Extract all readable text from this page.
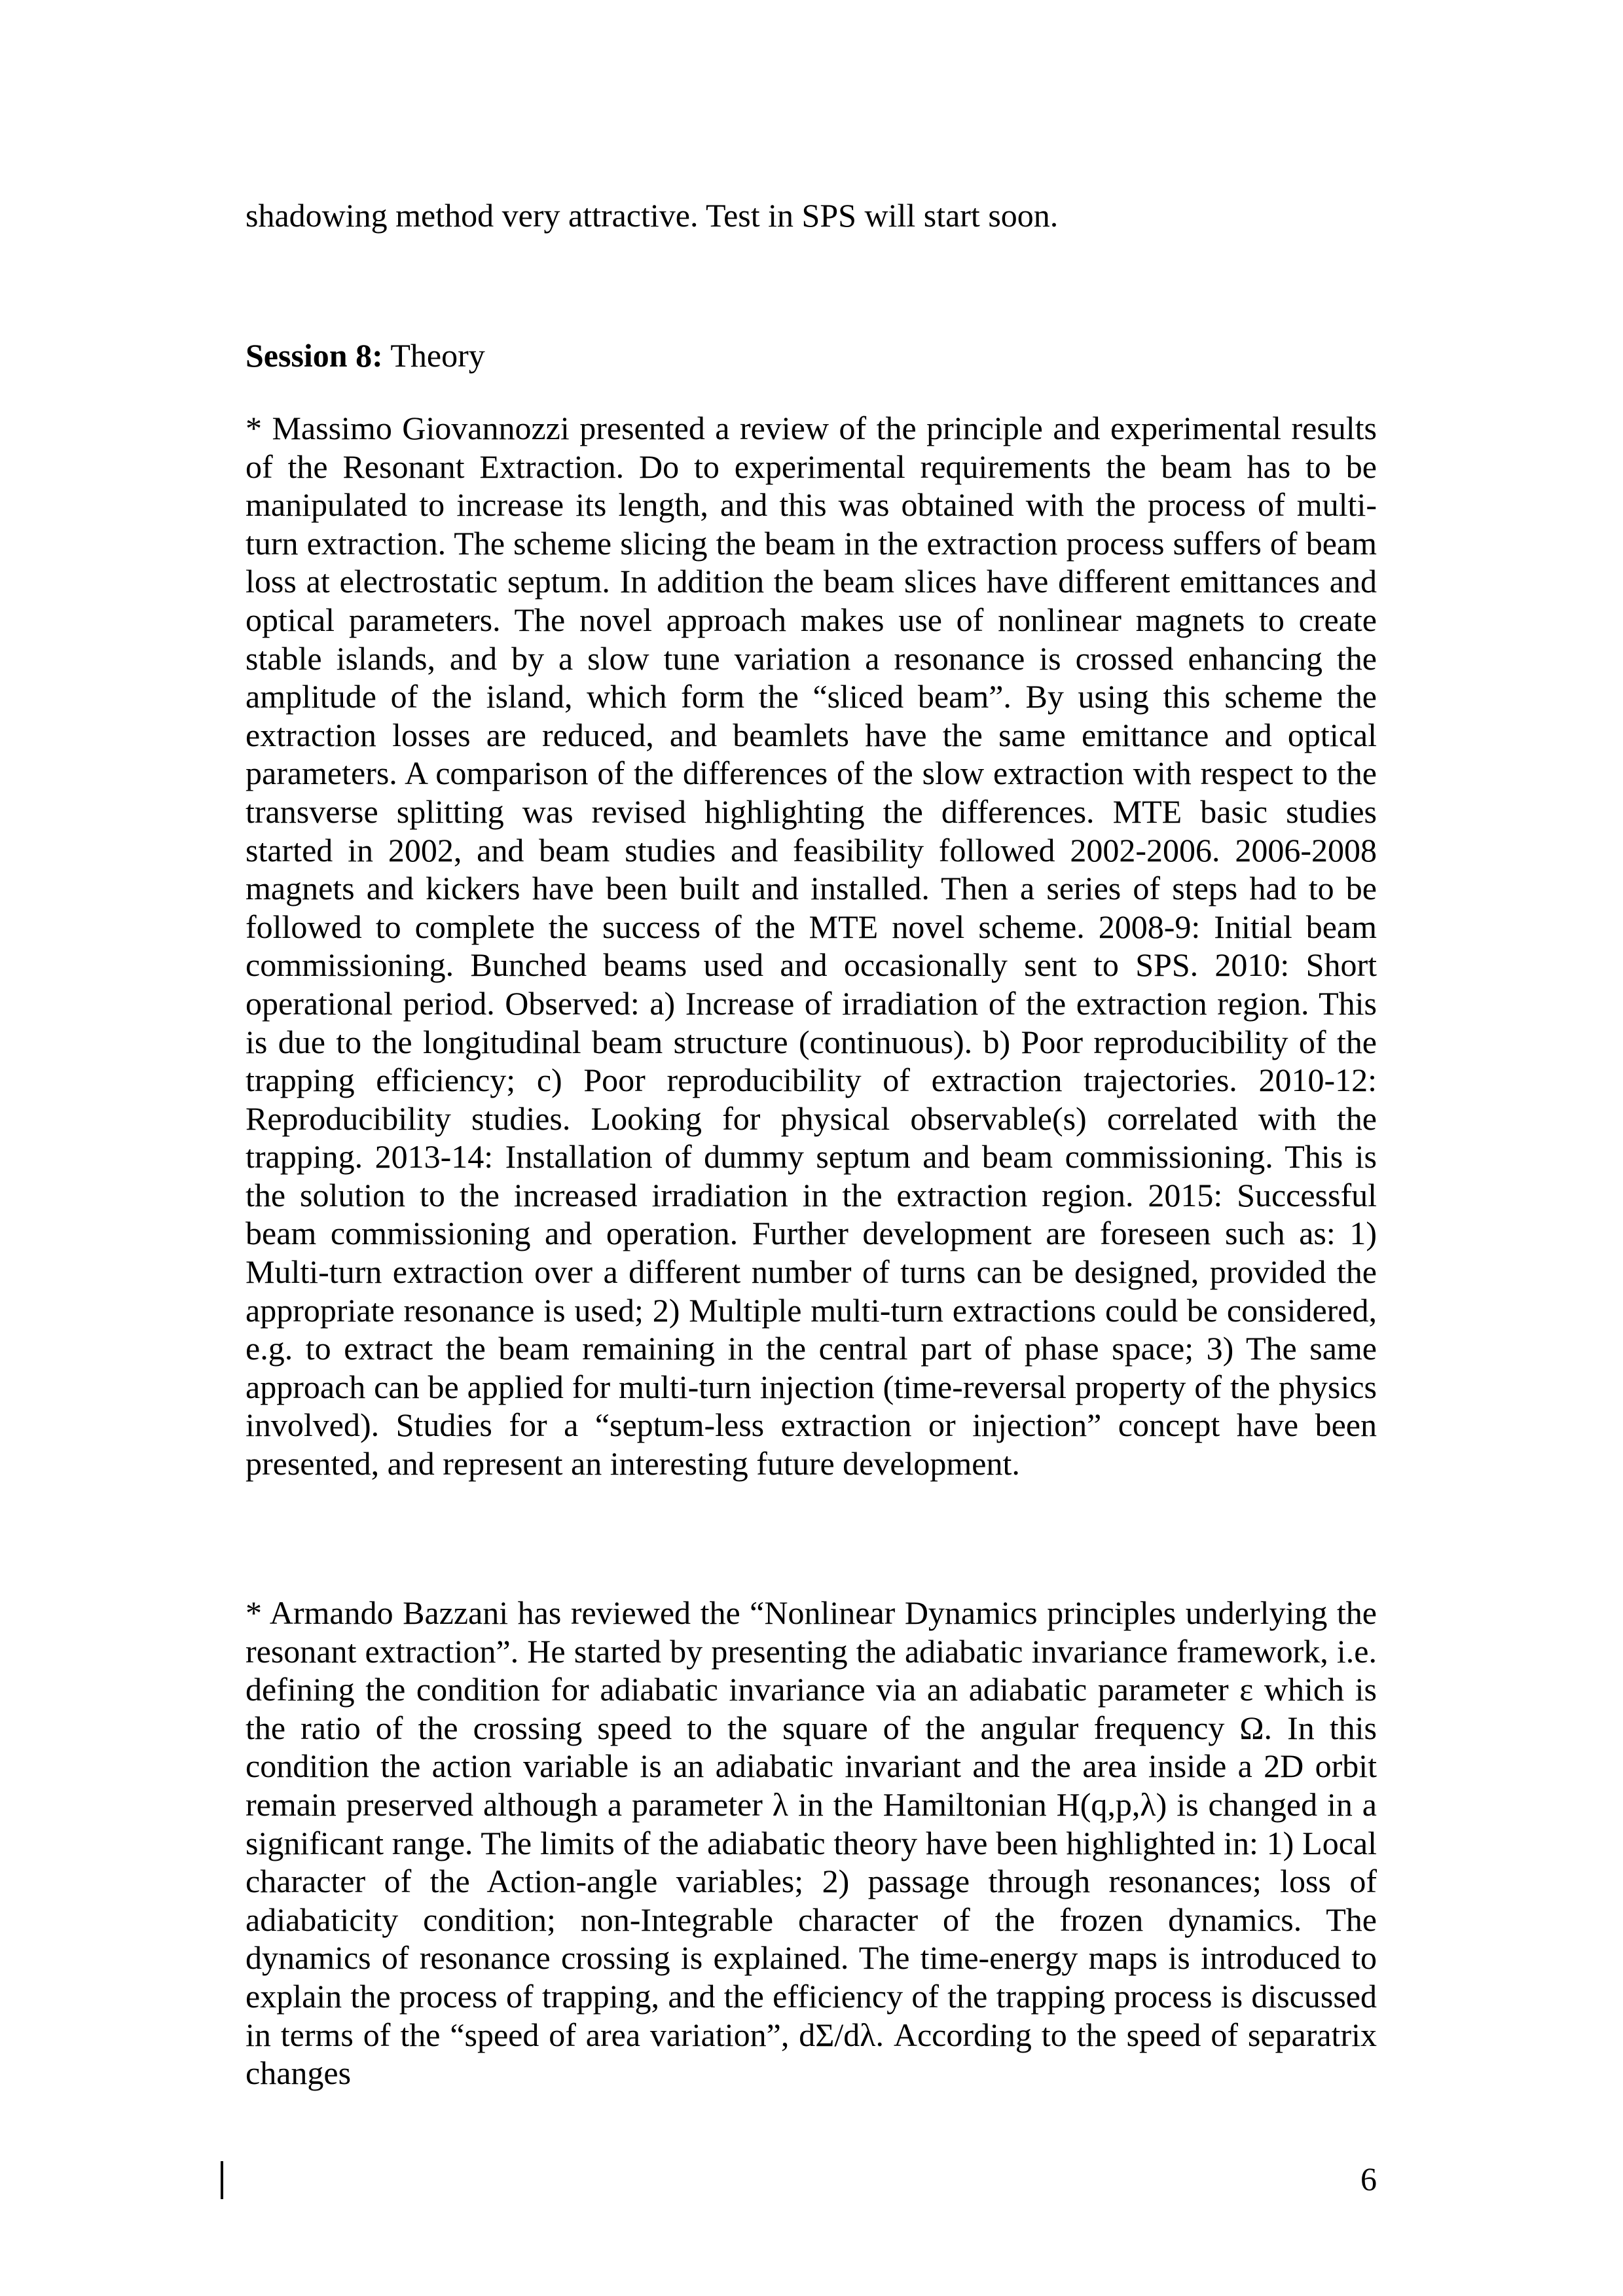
shadowing method very attractive. Test in SPS will start soon.
Session 8: Theory
* Massimo Giovannozzi presented a review of the principle and experimental results of the Resonant Extraction. Do to experimental requirements the beam has to be manipulated to increase its length, and this was obtained with the process of multi-turn extraction. The scheme slicing the beam in the extraction process suffers of beam loss at electrostatic septum. In addition the beam slices have different emittances and optical parameters. The novel approach makes use of nonlinear magnets to create stable islands, and by a slow tune variation a resonance is crossed enhancing the amplitude of the island, which form the “sliced beam”. By using this scheme the extraction losses are reduced, and beamlets have the same emittance and optical parameters. A comparison of the differences of the slow extraction with respect to the transverse splitting was revised highlighting the differences. MTE basic studies started in 2002, and beam studies and feasibility followed 2002-2006. 2006-2008 magnets and kickers have been built and installed. Then a series of steps had to be followed to complete the success of the MTE novel scheme. 2008-9: Initial beam commissioning. Bunched beams used and occasionally sent to SPS. 2010: Short operational period. Observed: a) Increase of irradiation of the extraction region. This is due to the longitudinal beam structure (continuous). b) Poor reproducibility of the trapping efficiency; c) Poor reproducibility of extraction trajectories. 2010-12: Reproducibility studies. Looking for physical observable(s) correlated with the trapping. 2013-14: Installation of dummy septum and beam commissioning. This is the solution to the increased irradiation in the extraction region. 2015: Successful beam commissioning and operation. Further development are foreseen such as: 1) Multi-turn extraction over a different number of turns can be designed, provided the appropriate resonance is used; 2) Multiple multi-turn extractions could be considered, e.g. to extract the beam remaining in the central part of phase space; 3) The same approach can be applied for multi-turn injection (time-reversal property of the physics involved). Studies for a “septum-less extraction or injection” concept have been presented, and represent an interesting future development.
* Armando Bazzani has reviewed the “Nonlinear Dynamics principles underlying the resonant extraction”. He started by presenting the adiabatic invariance framework, i.e. defining the condition for adiabatic invariance via an adiabatic parameter ε which is the ratio of the crossing speed to the square of the angular frequency Ω. In this condition the action variable is an adiabatic invariant and the area inside a 2D orbit remain preserved although a parameter λ in the Hamiltonian H(q,p,λ) is changed in a significant range. The limits of the adiabatic theory have been highlighted in: 1) Local character of the Action-angle variables; 2) passage through resonances; loss of adiabaticity condition; non-Integrable character of the frozen dynamics. The dynamics of resonance crossing is explained. The time-energy maps is introduced to explain the process of trapping, and the efficiency of the trapping process is discussed in terms of the “speed of area variation”, dΣ/dλ. According to the speed of separatrix changes
6
